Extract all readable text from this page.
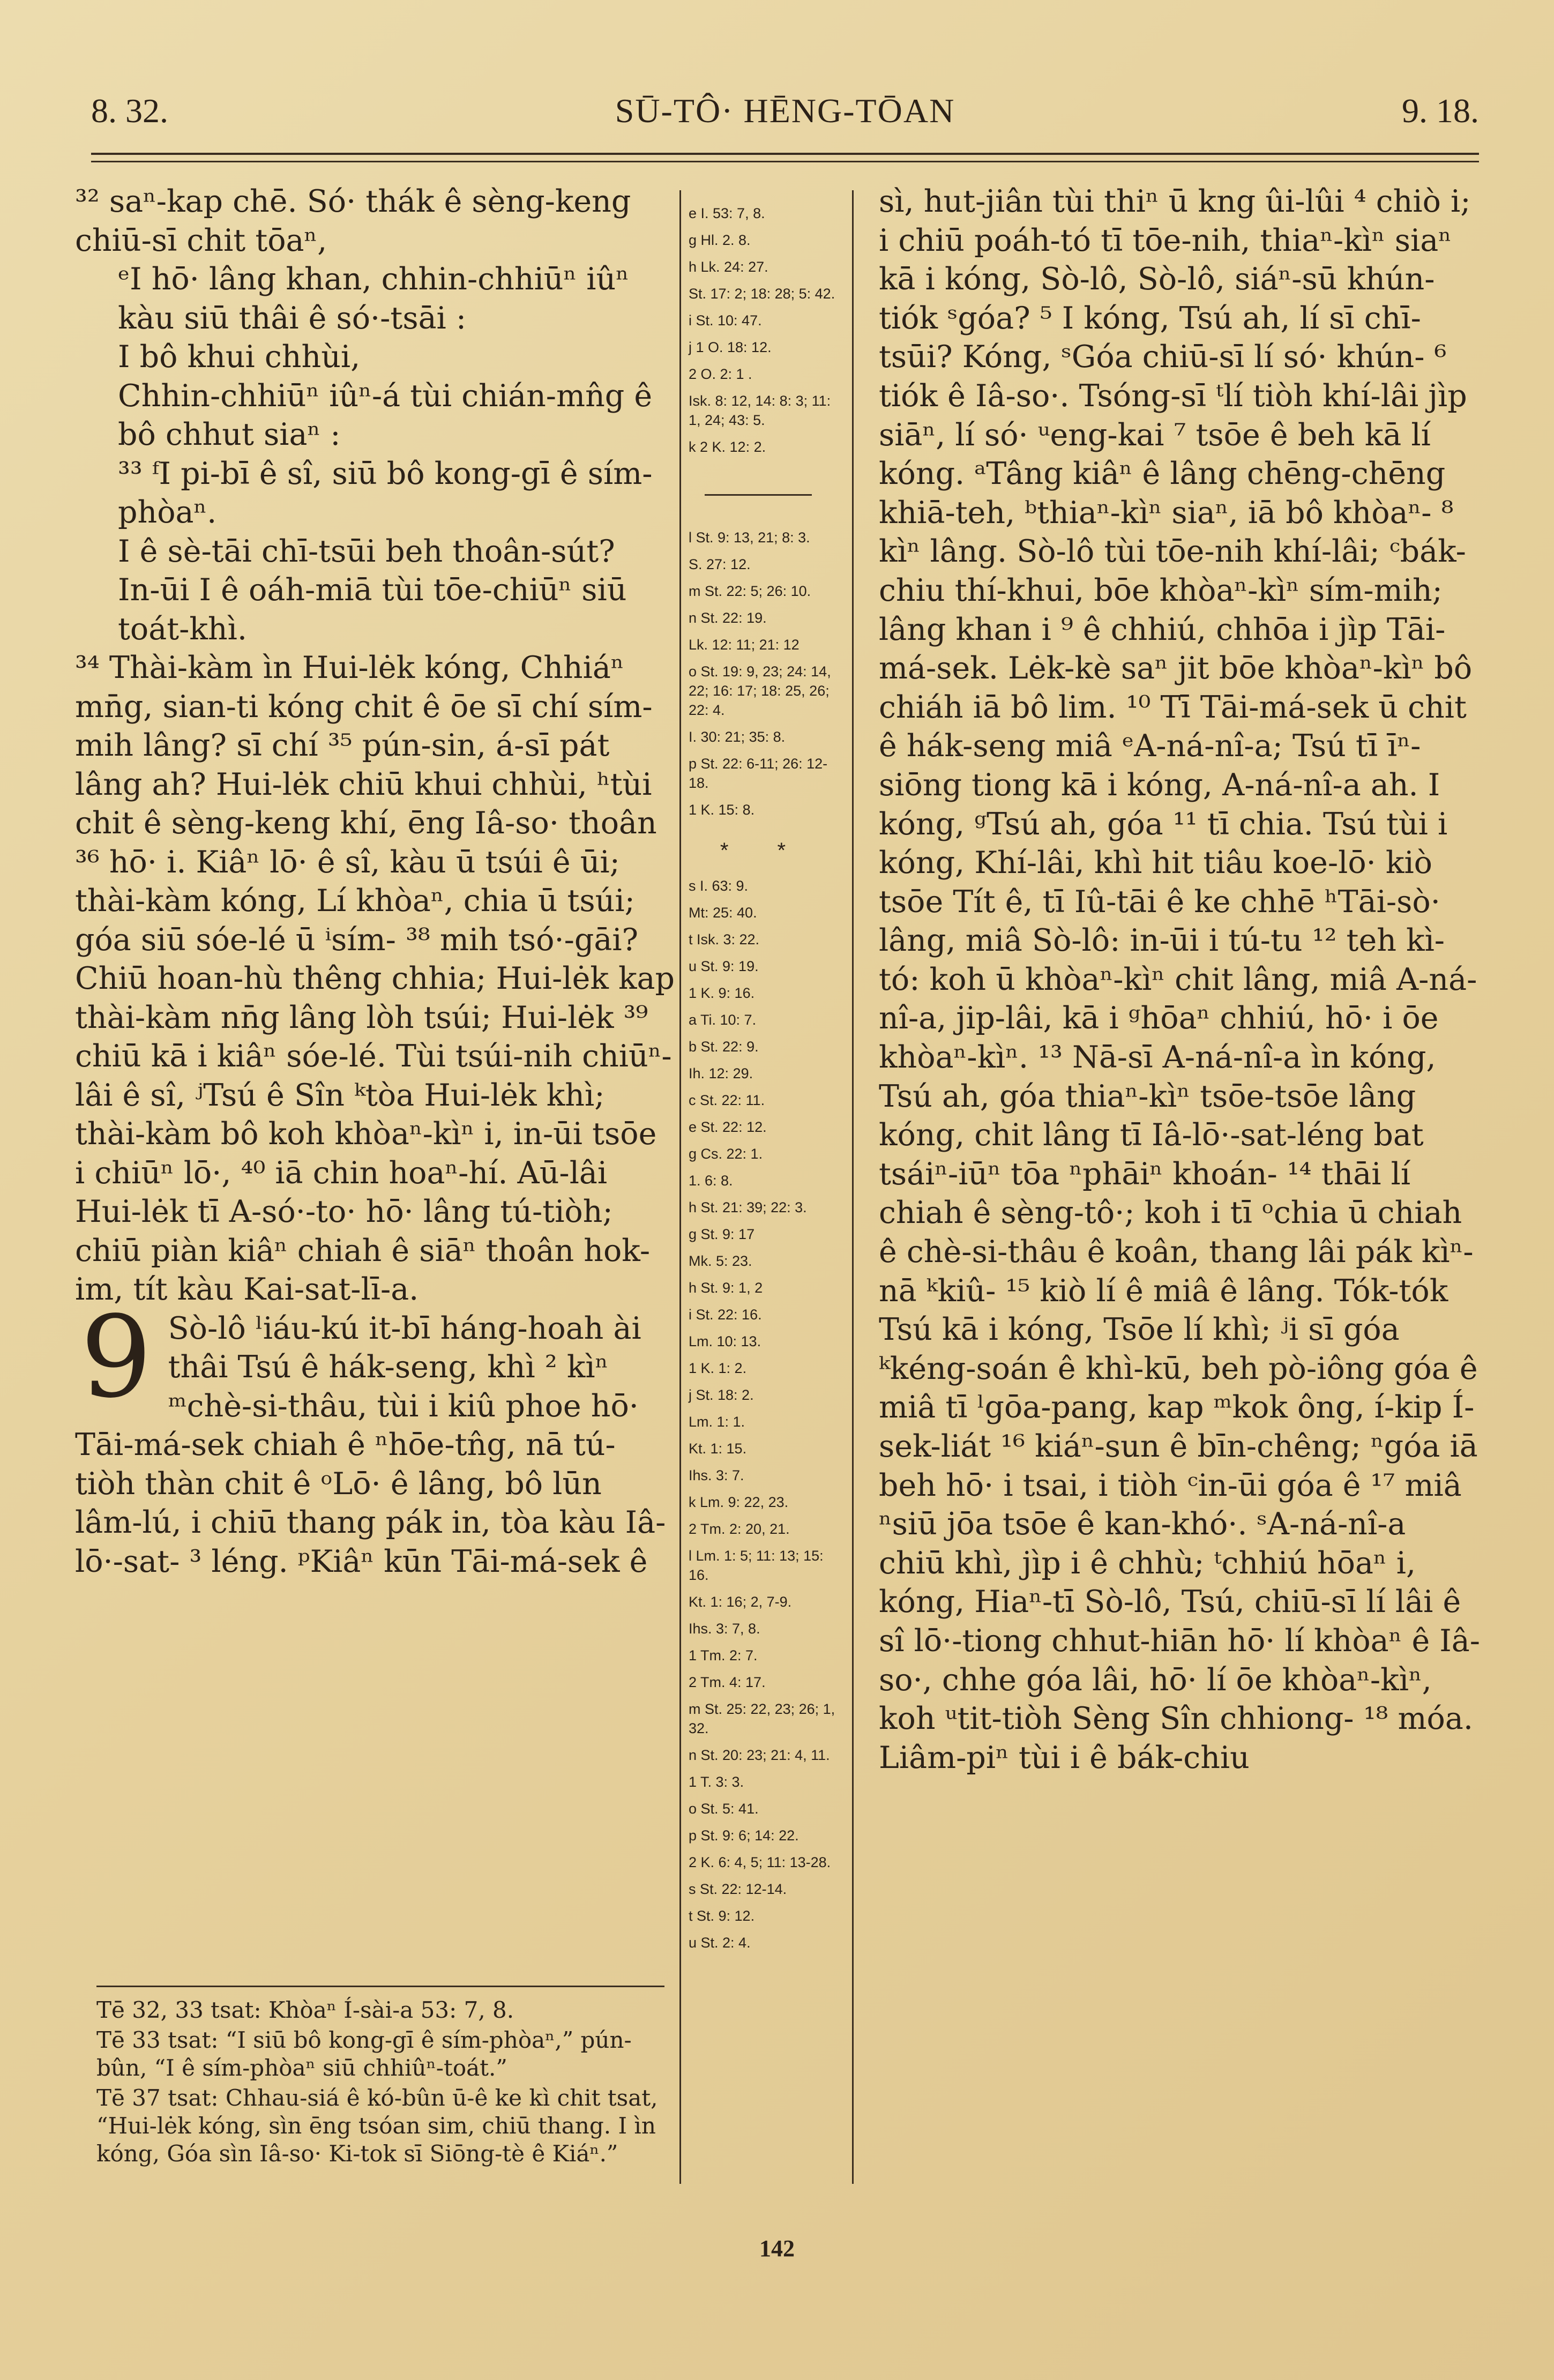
8. 32.	SŪ-TÔ· HĒNG-TŌAN	9. 18.

³² saⁿ-kap chē. Só· thák ê sèng-keng chiū-sī chit tōaⁿ,

ᵉI hō· lâng khan, chhin-chhiūⁿ iûⁿ kàu siū thâi ê só·-tsāi :

I bô khui chhùi,

Chhin-chhiūⁿ iûⁿ-á tùi chián-mn̂g ê bô chhut siaⁿ :

³³ ᶠI pi-bī ê sî, siū bô kong-gī ê sím-phòaⁿ.

I ê sè-tāi chī-tsūi beh thoân-sút?

In-ūi I ê oáh-miā tùi tōe-chiūⁿ siū toát-khì.

³⁴ Thài-kàm ìn Hui-lėk kóng, Chhiáⁿ mn̄g, sian-ti kóng chit ê ōe sī chí sím-mih lâng? sī chí ³⁵ pún-sin, á-sī pát lâng ah? Hui-lėk chiū khui chhùi, ʰtùi chit ê sèng-keng khí, ēng Iâ-so· thoân ³⁶ hō· i. Kiâⁿ lō· ê sî, kàu ū tsúi ê ūi; thài-kàm kóng, Lí khòaⁿ, chia ū tsúi; góa siū sóe-lé ū ⁱsím- ³⁸ mih tsó·-gāi? Chiū hoan-hù thêng chhia; Hui-lėk kap thài-kàm nn̄g lâng lòh tsúi; Hui-lėk ³⁹ chiū kā i kiâⁿ sóe-lé. Tùi tsúi-nih chiūⁿ-lâi ê sî, ʲTsú ê Sîn ᵏtòa Hui-lėk khì; thài-kàm bô koh khòaⁿ-kìⁿ i, in-ūi tsōe i chiūⁿ lō·, ⁴⁰ iā chin hoaⁿ-hí. Aū-lâi Hui-lėk tī A-só·-to· hō· lâng tú-tiòh; chiū piàn kiâⁿ chiah ê siāⁿ thoân hok-im, tít kàu Kai-sat-lī-a.

9 Sò-lô ˡiáu-kú it-bī háng-hoah ài thâi Tsú ê hák-seng, khì ² kìⁿ ᵐchè-si-thâu, tùi i kiû phoe hō· Tāi-má-sek chiah ê ⁿhōe-tn̂g, nā tú-tiòh thàn chit ê ᵒLō· ê lâng, bô lūn lâm-lú, i chiū thang pák in, tòa kàu Iâ-lō·-sat- ³ léng. ᵖKiâⁿ kūn Tāi-má-sek ê

e I. 53: 7, 8.

g Hl. 2. 8.

h Lk. 24: 27.

St. 17: 2; 18: 28; 5: 42.

i St. 10: 47.

j 1 O. 18: 12.

2 O. 2: 1 .

Isk. 8: 12, 14: 8: 3; 11: 1, 24; 43: 5.

k 2 K. 12: 2.

l St. 9: 13, 21; 8: 3.

S. 27: 12.

m St. 22: 5; 26: 10.

n St. 22: 19.

Lk. 12: 11; 21: 12

o St. 19: 9, 23; 24: 14, 22; 16: 17; 18: 25, 26; 22: 4.

I. 30: 21; 35: 8.

p St. 22: 6-11; 26: 12-18.

1 K. 15: 8.

* *

s I. 63: 9.

Mt: 25: 40.

t Isk. 3: 22.

u St. 9: 19.

1 K. 9: 16.

a Ti. 10: 7.

b St. 22: 9.

Ih. 12: 29.

c St. 22: 11.

e St. 22: 12.

g Cs. 22: 1.

1. 6: 8.

h St. 21: 39; 22: 3.

g St. 9: 17

Mk. 5: 23.

h St. 9: 1, 2

i St. 22: 16.

Lm. 10: 13.

1 K. 1: 2.

j St. 18: 2.

Lm. 1: 1.

Kt. 1: 15.

Ihs. 3: 7.

k Lm. 9: 22, 23.

2 Tm. 2: 20, 21.

l Lm. 1: 5; 11: 13; 15: 16.

Kt. 1: 16; 2, 7-9.

Ihs. 3: 7, 8.

1 Tm. 2: 7.

2 Tm. 4: 17.

m St. 25: 22, 23; 26; 1, 32.

n St. 20: 23; 21: 4, 11.

1 T. 3: 3.

o St. 5: 41.

p St. 9: 6; 14: 22.

2 K. 6: 4, 5; 11: 13-28.

s St. 22: 12-14.

t St. 9: 12.

u St. 2: 4.

sì, hut-jiân tùi thiⁿ ū kng ûi-lûi ⁴ chiò i; i chiū poáh-tó tī tōe-nih, thiaⁿ-kìⁿ siaⁿ kā i kóng, Sò-lô, Sò-lô, siáⁿ-sū khún-tiók ˢgóa? ⁵ I kóng, Tsú ah, lí sī chī-tsūi? Kóng, ˢGóa chiū-sī lí só· khún- ⁶ tiók ê Iâ-so·. Tsóng-sī ᵗlí tiòh khí-lâi jìp siāⁿ, lí só· ᵘeng-kai ⁷ tsōe ê beh kā lí kóng. ᵃTâng kiâⁿ ê lâng chēng-chēng khiā-teh, ᵇthiaⁿ-kìⁿ siaⁿ, iā bô khòaⁿ- ⁸ kìⁿ lâng. Sò-lô tùi tōe-nih khí-lâi; ᶜbák-chiu thí-khui, bōe khòaⁿ-kìⁿ sím-mih; lâng khan i ⁹ ê chhiú, chhōa i jìp Tāi-má-sek. Lėk-kè saⁿ jit bōe khòaⁿ-kìⁿ bô chiáh iā bô lim. ¹⁰ Tī Tāi-má-sek ū chit ê hák-seng miâ ᵉA-ná-nî-a; Tsú tī īⁿ-siōng tiong kā i kóng, A-ná-nî-a ah. I kóng, ᵍTsú ah, góa ¹¹ tī chia. Tsú tùi i kóng, Khí-lâi, khì hit tiâu koe-lō· kiò tsōe Tít ê, tī Iû-tāi ê ke chhē ʰTāi-sò· lâng, miâ Sò-lô: in-ūi i tú-tu ¹² teh kì-tó: koh ū khòaⁿ-kìⁿ chit lâng, miâ A-ná-nî-a, jip-lâi, kā i ᵍhōaⁿ chhiú, hō· i ōe khòaⁿ-kìⁿ. ¹³ Nā-sī A-ná-nî-a ìn kóng, Tsú ah, góa thiaⁿ-kìⁿ tsōe-tsōe lâng kóng, chit lâng tī Iâ-lō·-sat-léng bat tsáiⁿ-iūⁿ tōa ⁿphāiⁿ khoán- ¹⁴ thāi lí chiah ê sèng-tô·; koh i tī ᵒchia ū chiah ê chè-si-thâu ê koân, thang lâi pák kìⁿ-nā ᵏkiû- ¹⁵ kiò lí ê miâ ê lâng. Tók-tók Tsú kā i kóng, Tsōe lí khì; ʲi sī góa ᵏkéng-soán ê khì-kū, beh pò-iông góa ê miâ tī ˡgōa-pang, kap ᵐkok ông, í-kip Í-sek-liát ¹⁶ kiáⁿ-sun ê bīn-chêng; ⁿgóa iā beh hō· i tsai, i tiòh ᶜin-ūi góa ê ¹⁷ miâ ⁿsiū jōa tsōe ê kan-khó·. ˢA-ná-nî-a chiū khì, jìp i ê chhù; ᵗchhiú hōaⁿ i, kóng, Hiaⁿ-tī Sò-lô, Tsú, chiū-sī lí lâi ê sî lō·-tiong chhut-hiān hō· lí khòaⁿ ê Iâ-so·, chhe góa lâi, hō· lí ōe khòaⁿ-kìⁿ, koh ᵘtit-tiòh Sèng Sîn chhiong- ¹⁸ móa. Liâm-piⁿ tùi i ê bák-chiu

Tē 32, 33 tsat: Khòaⁿ Í-sài-a 53: 7, 8.

Tē 33 tsat: “I siū bô kong-gī ê sím-phòaⁿ,” pún-bûn, “I ê sím-phòaⁿ siū chhiûⁿ-toát.”

Tē 37 tsat: Chhau-siá ê kó-bûn ū-ê ke kì chit tsat, “Hui-lėk kóng, sìn ēng tsóan sim, chiū thang. I ìn kóng, Góa sìn Iâ-so· Ki-tok sī Siōng-tè ê Kiáⁿ.”

142
